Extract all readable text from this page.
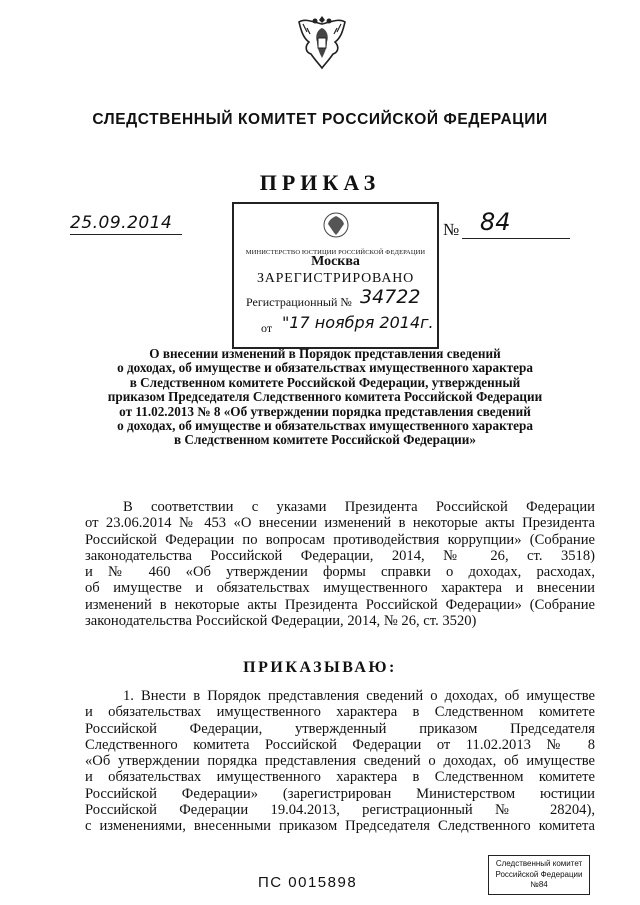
СЛЕДСТВЕННЫЙ КОМИТЕТ РОССИЙСКОЙ ФЕДЕРАЦИИ
ПРИКАЗ
25.09.2014	№ 84
МИНИСТЕРСТВО ЮСТИЦИИ РОССИЙСКОЙ ФЕДЕРАЦИИ
Москва
ЗАРЕГИСТРИРОВАНО
Регистрационный № 34722
от "17 ноября 2014г.
О внесении изменений в Порядок представления сведений
о доходах, об имуществе и обязательствах имущественного характера
в Следственном комитете Российской Федерации, утвержденный
приказом Председателя Следственного комитета Российской Федерации
от 11.02.2013 № 8 «Об утверждении порядка представления сведений
о доходах, об имуществе и обязательствах имущественного характера
в Следственном комитете Российской Федерации»
В соответствии с указами Президента Российской Федерации
от 23.06.2014 № 453 «О внесении изменений в некоторые акты Президента
Российской Федерации по вопросам противодействия коррупции» (Собрание
законодательства Российской Федерации, 2014, № 26, ст. 3518)
и № 460 «Об утверждении формы справки о доходах, расходах,
об имуществе и обязательствах имущественного характера и внесении
изменений в некоторые акты Президента Российской Федерации» (Собрание
законодательства Российской Федерации, 2014, № 26, ст. 3520)
ПРИКАЗЫВАЮ:
1. Внести в Порядок представления сведений о доходах, об имуществе
и обязательствах имущественного характера в Следственном комитете
Российской Федерации, утвержденный приказом Председателя
Следственного комитета Российской Федерации от 11.02.2013 № 8
«Об утверждении порядка представления сведений о доходах, об имуществе
и обязательствах имущественного характера в Следственном комитете
Российской Федерации» (зарегистрирован Министерством юстиции
Российской Федерации 19.04.2013, регистрационный № 28204),
с изменениями, внесенными приказом Председателя Следственного комитета
Следственный комитет
Российской Федерации
№84
ПС 0015898
